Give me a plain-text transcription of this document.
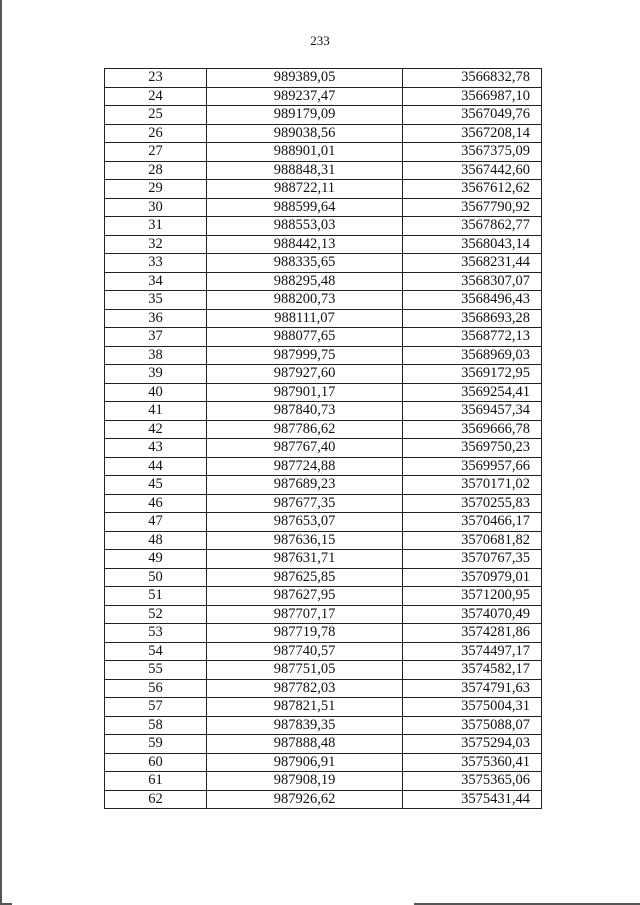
233
23	989389,05	3566832,78
24	989237,47	3566987,10
25	989179,09	3567049,76
26	989038,56	3567208,14
27	988901,01	3567375,09
28	988848,31	3567442,60
29	988722,11	3567612,62
30	988599,64	3567790,92
31	988553,03	3567862,77
32	988442,13	3568043,14
33	988335,65	3568231,44
34	988295,48	3568307,07
35	988200,73	3568496,43
36	988111,07	3568693,28
37	988077,65	3568772,13
38	987999,75	3568969,03
39	987927,60	3569172,95
40	987901,17	3569254,41
41	987840,73	3569457,34
42	987786,62	3569666,78
43	987767,40	3569750,23
44	987724,88	3569957,66
45	987689,23	3570171,02
46	987677,35	3570255,83
47	987653,07	3570466,17
48	987636,15	3570681,82
49	987631,71	3570767,35
50	987625,85	3570979,01
51	987627,95	3571200,95
52	987707,17	3574070,49
53	987719,78	3574281,86
54	987740,57	3574497,17
55	987751,05	3574582,17
56	987782,03	3574791,63
57	987821,51	3575004,31
58	987839,35	3575088,07
59	987888,48	3575294,03
60	987906,91	3575360,41
61	987908,19	3575365,06
62	987926,62	3575431,44
